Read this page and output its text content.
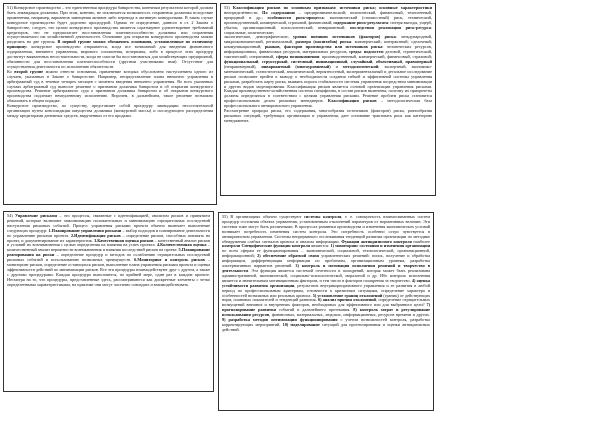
51) Конкурсное производство – это единственная процедура банкротства, конечным результатом которой должна быть ликвидация должника. При этом, конечно, не исключается возможность сохранения должника вследствие применения, например, вариантов замещения активов либо перевода в активную конкурсными. В таком случае конкурсное производство будет доделено процедурой. Однако ее определение, данного в ст. 2 Закона о банкротстве, следует, что целью конкурсного производства является соразмерное удовлетворение требований кредиторов, что не предполагает восстановления платежеспособности должника или сохранения осуществляемого им хозяйственной деятельности. Основание для открытия конкурсного производства можно разделить на две группы. В первой группе можно обозначить основания, установленные по отличному принципу: конкурсное производство открывается, когда все возможный для введения финансового оздоровления, внешнего управления, мирового соглашения, исчерпаны, либо в процессе этих процедур достигнут выявленных несостоятельности, когда не смогли бы восстановиться для хозяйствующих предприятий, обязанности для восстановления платежеспособности (другими участниками ими). Отсутствие для осуществления деятельности по исполнению обязательств.

Ко второй группе можно отнести основания, применение которых обусловлено наступлением одного из случаев, указанных в Законе о банкротстве. Например, непредставление плана внешнего управления в арбитражный суд в течение четырех месяцев с момента введения внешнего управления. Во всех указанных случаях арбитражный суд выносит решение о признании должника банкротом и об открытии конкурсного производства. Решение арбитражного суда о признании должника банкротом и об открытии конкурсного производства подлежит немедленному исполнению. Впрочем, в дальнейшем, такое решение возможно обжаловать в общем порядке.

Конкурсное производство, по существу, представляет собой процедуру ликвидации несостоятельной организации путем консолидации имущества должника (конкурсной массы) и последующего распределения между кредиторами денежных средств, вырученных от его продажи.

53) Классификация рисков по основным признакам: источники риска; основные характеристики неопределённости. По содержанию – предпринимательский; политический, финансовый, техногенный, природный и др.; особенности риск-процесса: экономический (стоимостный) риск, технический, производственный, коммерческий, страховой, финансовый; содержание риск-результата: потеря выгоды, ущерб, убыток; организационный; психологический; инвариантный; последствия реализации риск-ресурса: социальные, политические;

экологические, демографические; уровня внешних источников (факторов) риска: международный, макроэкономический, региональный, размера (масштабов) риска: коммерческий; контрактный; сделочный; коммуникационный; рынков, факторов производства или источников риска: человеческих ресурсов, информационных, финансовых ресурсов, материальных ресурсов, среды: подсистем деловой, стратегический, тактический; оперативный, сферы возникновения: производственный, коммерческий, финансовый, страховой; функциональный, структурный, системный, инновационный, случайный, объективный, правомерный (неправомерный), инвариантный (многоуровневый) и методологический: экспертный, экономико-математический, статистический, аналитический, вероятностный, экспериментальный и детальное исследование рисков позволяют прийти к выводу о необходимости создания гибкой и эффективной системы управления рисками, разработать карту риска, выявить пороги стабильности системы управления посредством минимизации и других видов моделирования. Классификация рисков является основой организации управления рисками. Каждая производственно-хозяйственная система специфична, в состав рисков включены, поэтому их приоритеты должны определяться в соответствии с целями управления рисками. Решение проблем риска становится профессиональным делом рисковых менеджеров. Классификация рисков – методологическая база профессионального антикризисного управления.

Рассмотрение природы риска, его содержания, многообразия источников (факторов) риска, разнообразия рисковых ситуаций, требующих организации и управления, дает основание трактовать риск как категорию менеджмента.

54) Управление рисками – это процессы, связанные с идентификацией, анализом рисков и принятием решений, которые включают максимизацию положительных и минимизацию отрицательных последствий наступления рисковых событий. Процесс управления рисками проекта обычно включает выполнение следующих процедур: 1.Планирование управления рисками – выбор подходов и планирование деятельности по управлению рисками проекта. 2.Идентификация рисков – определение рисков, способных повлиять на проект, и документирование их характеристик. 3.Качественная оценка рисков – качественный анализ рисков и условий их возникновения с целью определения их влияния на успех проекта. 4.Количественная оценка – количественный анализ вероятности возникновения и влияния последствий рисков на проект. 5.Планирование реагирования на риски – определение процедур и методов по ослаблению отрицательных последствий рисковых событий и использованию возможных преимуществ. 6.Мониторинг и контроль рисков – мониторинг рисков, определение остающихся рисков, выполнение плана управления рисками проекта и оценка эффективности действий по минимизации рисков. Все эти процедуры взаимодействуют друг с другом, а также с другими процедурами. Каждая процедура выполняется, по крайней мере, один раз в каждом проекте. Несмотря на то, что процедуры, представленные здесь, рассматриваются как дискретные элементы с четко определенными характеристиками, на практике они могут частично совпадать и взаимодействовать.

55) В организациях обычно существуют системы контроля, т. е. совокупность взаимосвязанных систем процедур состояния объекта управления, установленным отклонений параметров от нормативных величин. Эти системы тоже могут быть различными. В процессах разминки производства и изменения экономических условий возникает потребность изменения систем контроля. Это потребность особенно остро чувствуется в антикризисном управлении. Системы непрерывного отслеживания тенденций развития организации по методике обнаружения слабых сигналов кризиса и анализа информации. Функции антикризисного контроля наиболее контроля Специфические функции контроля являются: 1) мониторинг состояния и изменения организации по всем сферам ее функционирования – экономической, социальной, технологической, организационной, информационной; 2) обеспечение обратной связи управленческих решений: поиск, получение и обработка информации, дифференциация информации по проблемам, организационным уровням, разработка альтернативных вариантов решений. 3) контроль и мотивация исполнения решений и творчество в деятельности. Эта функция является системой отчетности и поощрений, которая может быть реализована административной, экономической, социально-психологической, моральной и др. Ибо контроль исполнения является и значительным мотивационным фактором, и тем число в факторов поощрения за творчество. 4) оценка устойчивости развития организации, результатов внутрикорпоративного управления и ее развития в любой период по профессиональным критериям, готовности к кризисным ситуациям, определение характера и особенностей возможных или реальных кризиса. 5) установление границ отклонений (границ) от действующих норм, плановых показателей и тенденций развития. 6) анализ причин отклонений, определение отрицательных возмущений внешних и внутренних факторов, необходимых для эффективного или для выбранного цели? 7) прогнозирование развития событий и дальнейшего протекания. 8) контроль затрат и регулирование использования ресурсов, финансовых, материальных, людских, информационных, ресурсов времени и других. 9) разработка методов оптимизации функционирования с учетом возможностей контроля, разработка корректирующих мероприятий, 10) моделирование ситуаций для прогнозирования и оценки антикризисных действий.
